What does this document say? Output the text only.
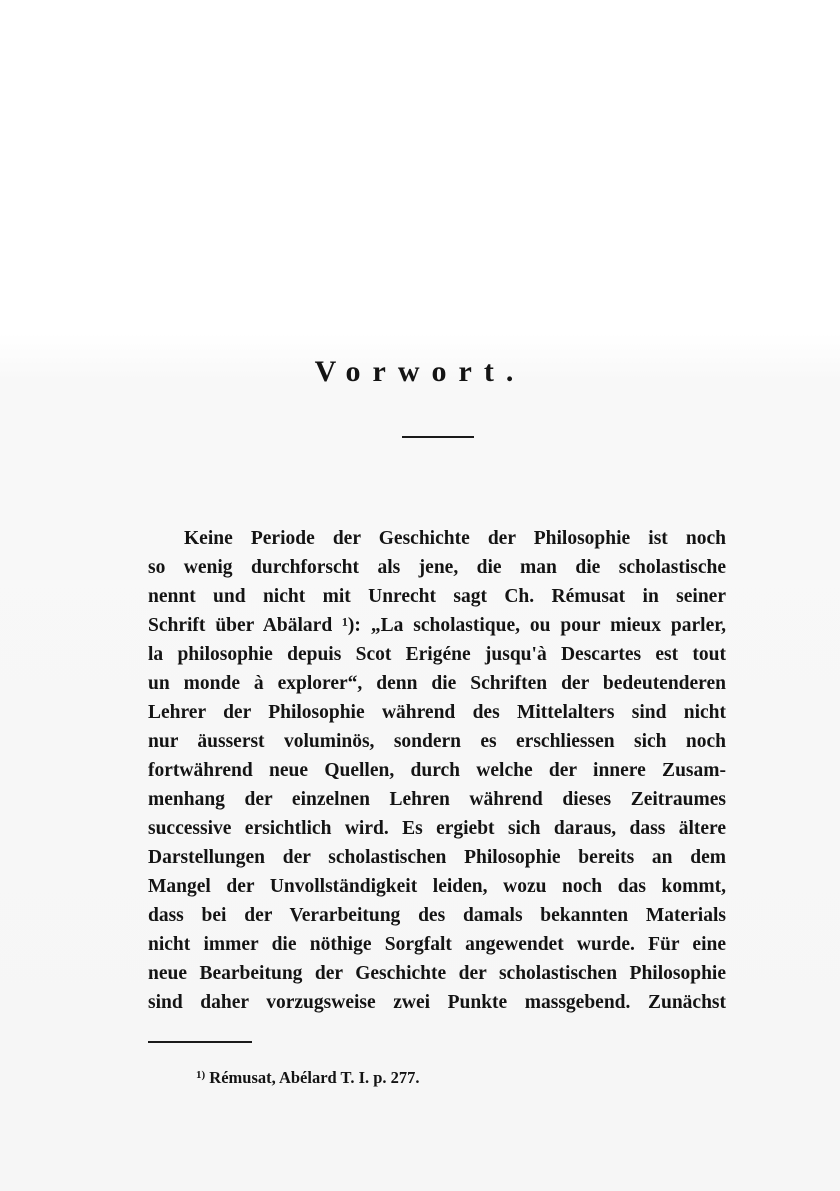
Vorwort.
Keine Periode der Geschichte der Philosophie ist noch
so wenig durchforscht als jene, die man die scholastische
nennt und nicht mit Unrecht sagt Ch. Rémusat in seiner
Schrift über Abälard ¹): „La scholastique, ou pour mieux parler,
la philosophie depuis Scot Erigéne jusqu'à Descartes est tout
un monde à explorer“, denn die Schriften der bedeutenderen
Lehrer der Philosophie während des Mittelalters sind nicht
nur äusserst voluminös, sondern es erschliessen sich noch
fortwährend neue Quellen, durch welche der innere Zusam-
menhang der einzelnen Lehren während dieses Zeitraumes
successive ersichtlich wird. Es ergiebt sich daraus, dass ältere
Darstellungen der scholastischen Philosophie bereits an dem
Mangel der Unvollständigkeit leiden, wozu noch das kommt,
dass bei der Verarbeitung des damals bekannten Materials
nicht immer die nöthige Sorgfalt angewendet wurde. Für eine
neue Bearbeitung der Geschichte der scholastischen Philosophie
sind daher vorzugsweise zwei Punkte massgebend. Zunächst
$^{1)}$ Rémusat, Abélard T. I. p. 277.
